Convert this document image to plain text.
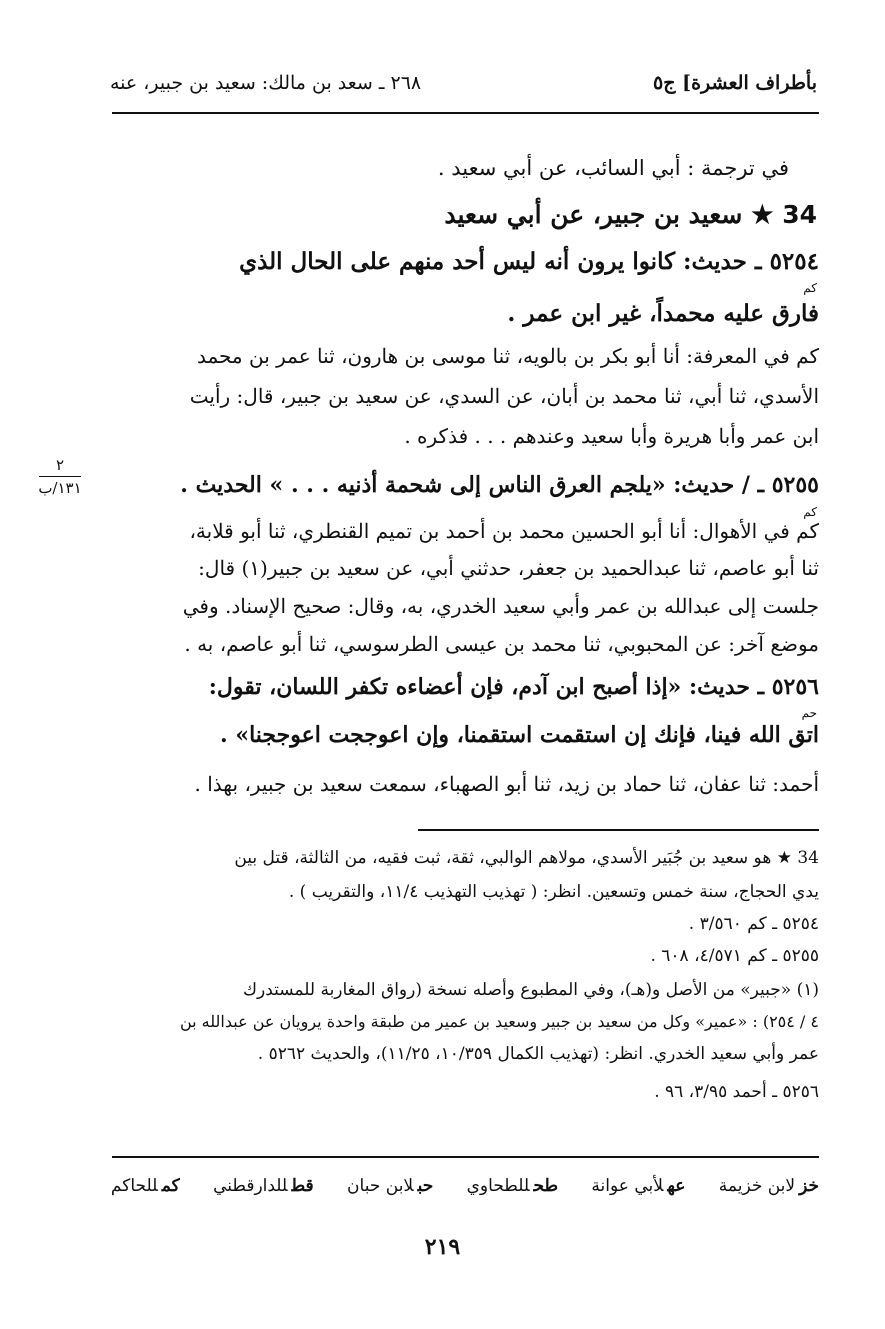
بأطراف العشرة] ج٥
٢٦٨ ـ سعد بن مالك: سعيد بن جبير، عنه
في ترجمة : أبي السائب، عن أبي سعيد .
34 ★ سعيد بن جبير، عن أبي سعيد
٥٢٥٤ ـ حديث: كانوا يرون أنه ليس أحد منهم على الحال الذي
كم
فارق عليه محمداً، غير ابن عمر .
كم في المعرفة: أنا أبو بكر بن بالويه، ثنا موسى بن هارون، ثنا عمر بن محمد
الأسدي، ثنا أبي، ثنا محمد بن أبان، عن السدي، عن سعيد بن جبير، قال: رأيت
ابن عمر وأبا هريرة وأبا سعيد وعندهم . . . فذكره .
٢
١٣١/ب	٥٢٥٥ ـ / حديث: «يلجم العرق الناس إلى شحمة أذنيه . . . » الحديث .
كم
كم في الأهوال: أنا أبو الحسين محمد بن أحمد بن تميم القنطري، ثنا أبو قلابة،
ثنا أبو عاصم، ثنا عبدالحميد بن جعفر، حدثني أبي، عن سعيد بن جبير(١) قال:
جلست إلى عبدالله بن عمر وأبي سعيد الخدري، به، وقال: صحيح الإسناد. وفي
موضع آخر: عن المحبوبي، ثنا محمد بن عيسى الطرسوسي، ثنا أبو عاصم، به .
٥٢٥٦ ـ حديث: «إذا أصبح ابن آدم، فإن أعضاءه تكفر اللسان، تقول:
حم
اتق الله فينا، فإنك إن استقمت استقمنا، وإن اعوججت اعوججنا» .
أحمد: ثنا عفان، ثنا حماد بن زيد، ثنا أبو الصهباء، سمعت سعيد بن جبير، بهذا .
34 ★ هو سعيد بن جُبَير الأسدي، مولاهم الوالبي، ثقة، ثبت فقيه، من الثالثة، قتل بين
يدي الحجاج، سنة خمس وتسعين. انظر: ( تهذيب التهذيب ١١/٤، والتقريب ) .
٥٢٥٤ ـ كم ٣/٥٦٠ .
٥٢٥٥ ـ كم ٤/٥٧١، ٦٠٨ .
(١) «جبير» من الأصل و(هـ)، وفي المطبوع وأصله نسخة (رواق المغاربة للمستدرك
٤ / ٢٥٤) : «عمير» وكل من سعيد بن جبير وسعيد بن عمير من طبقة واحدة يرويان عن عبدالله بن
عمر وأبي سعيد الخدري. انظر: (تهذيب الكمال ١٠/٣٥٩، ١١/٢٥)، والحديث ٥٢٦٢ .
٥٢٥٦ ـ أحمد ٣/٩٥، ٩٦ .
خزلابن خزيمة عهلأبي عوانة طحللطحاوي حبلابن حبان قطللدارقطني كمللحاكم
٢١٩
